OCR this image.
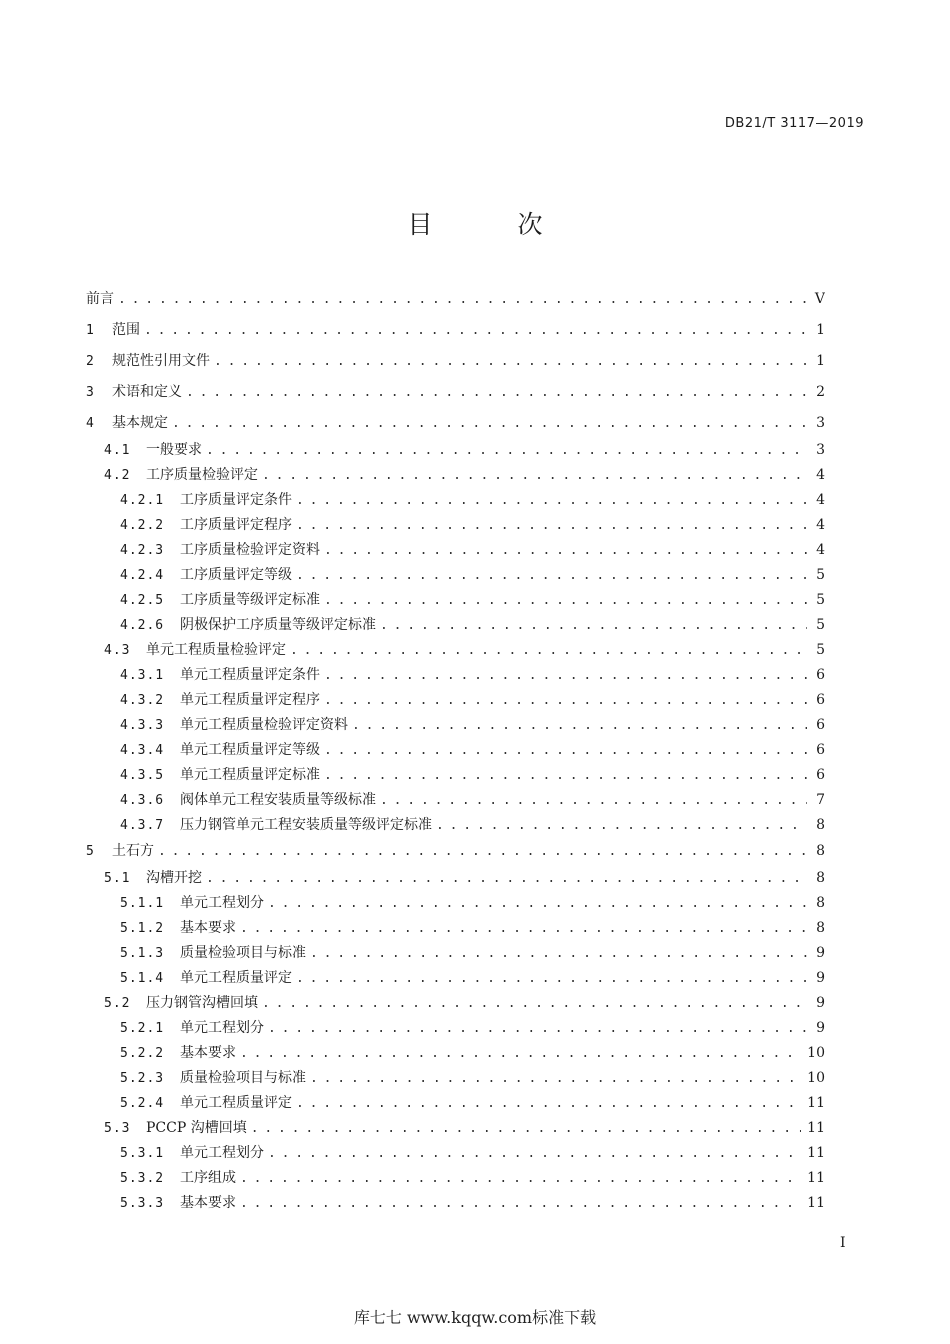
DB21/T 3117—2019
目　次
前言 . . .	V
1	范围 . . .	1
2	规范性引用文件 . . .	1
3	术语和定义 . . .	2
4	基本规定 . . .	3
4.1	一般要求 . . .	3
4.2	工序质量检验评定 . . .	4
4.2.1	工序质量评定条件 . . .	4
4.2.2	工序质量评定程序 . . .	4
4.2.3	工序质量检验评定资料 . . .	4
4.2.4	工序质量评定等级 . . .	5
4.2.5	工序质量等级评定标准 . . .	5
4.2.6	阴极保护工序质量等级评定标准 . . .	5
4.3	单元工程质量检验评定 . . .	5
4.3.1	单元工程质量评定条件 . . .	6
4.3.2	单元工程质量评定程序 . . .	6
4.3.3	单元工程质量检验评定资料 . . .	6
4.3.4	单元工程质量评定等级 . . .	6
4.3.5	单元工程质量评定标准 . . .	6
4.3.6	阀体单元工程安装质量等级标准 . . .	7
4.3.7	压力钢管单元工程安装质量等级评定标准 . . .	8
5	土石方 . . .	8
5.1	沟槽开挖 . . .	8
5.1.1	单元工程划分 . . .	8
5.1.2	基本要求 . . .	8
5.1.3	质量检验项目与标准 . . .	9
5.1.4	单元工程质量评定 . . .	9
5.2	压力钢管沟槽回填 . . .	9
5.2.1	单元工程划分 . . .	9
5.2.2	基本要求 . . .	10
5.2.3	质量检验项目与标准 . . .	10
5.2.4	单元工程质量评定 . . .	11
5.3	PCCP 沟槽回填 . . .	11
5.3.1	单元工程划分 . . .	11
5.3.2	工序组成 . . .	11
5.3.3	基本要求 . . .	11
I
库七七 www.kqqw.com标准下载
